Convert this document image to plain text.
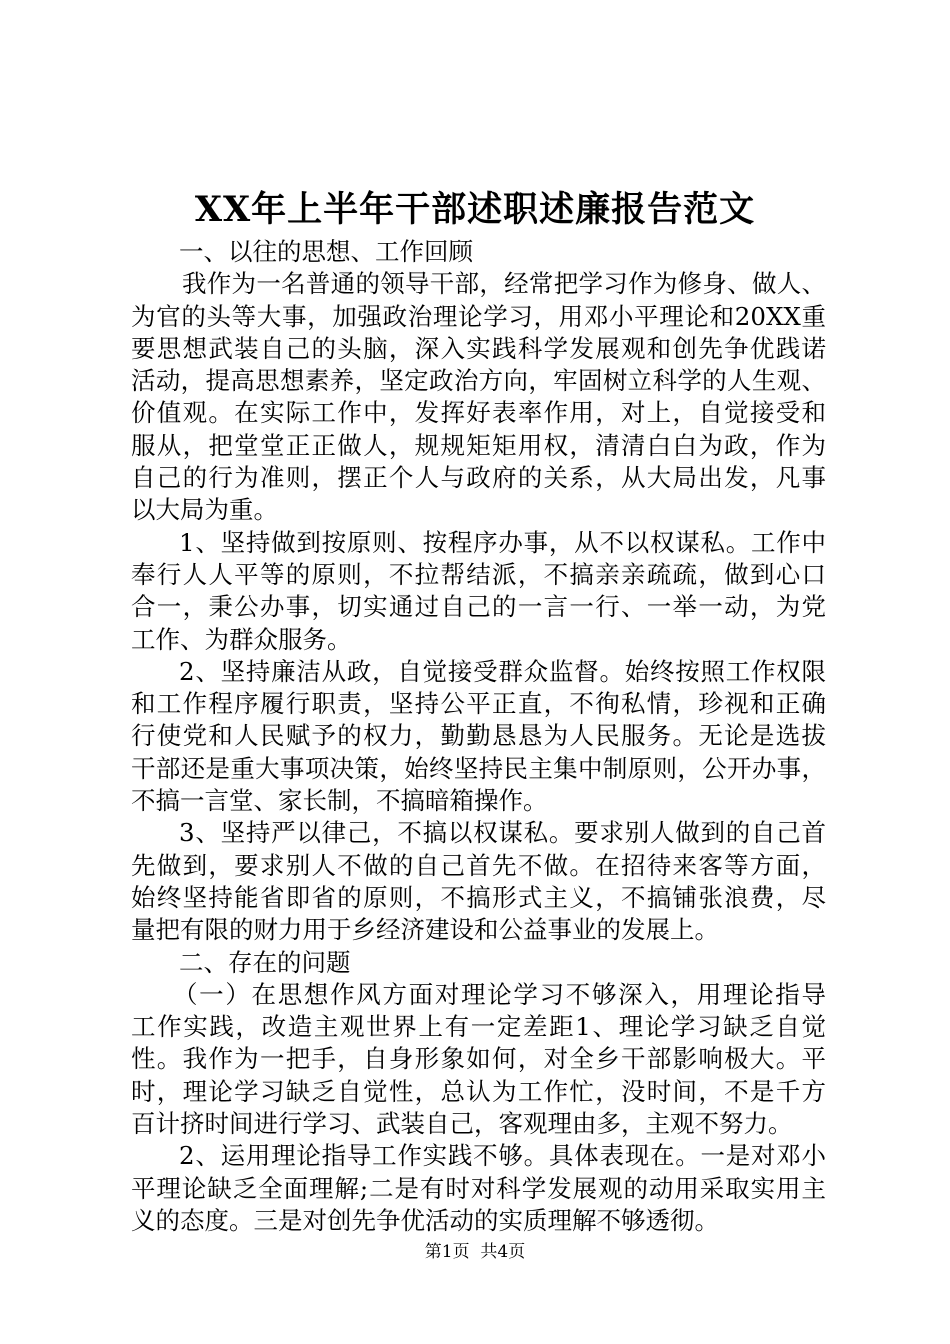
XX年上半年干部述职述廉报告范文
一、以往的思想、工作回顾
我作为一名普通的领导干部，经常把学习作为修身、做人、
为官的头等大事，加强政治理论学习，用邓小平理论和20XX重
要思想武装自己的头脑，深入实践科学发展观和创先争优践诺
活动，提高思想素养，坚定政治方向，牢固树立科学的人生观、
价值观。在实际工作中，发挥好表率作用，对上，自觉接受和
服从，把堂堂正正做人，规规矩矩用权，清清白白为政，作为
自己的行为准则，摆正个人与政府的关系，从大局出发，凡事
以大局为重。
1、坚持做到按原则、按程序办事，从不以权谋私。工作中
奉行人人平等的原则，不拉帮结派，不搞亲亲疏疏，做到心口
合一，秉公办事，切实通过自己的一言一行、一举一动，为党
工作、为群众服务。
2、坚持廉洁从政，自觉接受群众监督。始终按照工作权限
和工作程序履行职责，坚持公平正直，不徇私情，珍视和正确
行使党和人民赋予的权力，勤勤恳恳为人民服务。无论是选拔
干部还是重大事项决策，始终坚持民主集中制原则，公开办事，
不搞一言堂、家长制，不搞暗箱操作。
3、坚持严以律己，不搞以权谋私。要求别人做到的自己首
先做到，要求别人不做的自己首先不做。在招待来客等方面，
始终坚持能省即省的原则，不搞形式主义，不搞铺张浪费，尽
量把有限的财力用于乡经济建设和公益事业的发展上。
二、存在的问题
（一）在思想作风方面对理论学习不够深入，用理论指导
工作实践，改造主观世界上有一定差距1、理论学习缺乏自觉
性。我作为一把手，自身形象如何，对全乡干部影响极大。平
时，理论学习缺乏自觉性，总认为工作忙，没时间，不是千方
百计挤时间进行学习、武装自己，客观理由多，主观不努力。
2、运用理论指导工作实践不够。具体表现在。一是对邓小
平理论缺乏全面理解;二是有时对科学发展观的动用采取实用主
义的态度。三是对创先争优活动的实质理解不够透彻。
第1页 共4页
